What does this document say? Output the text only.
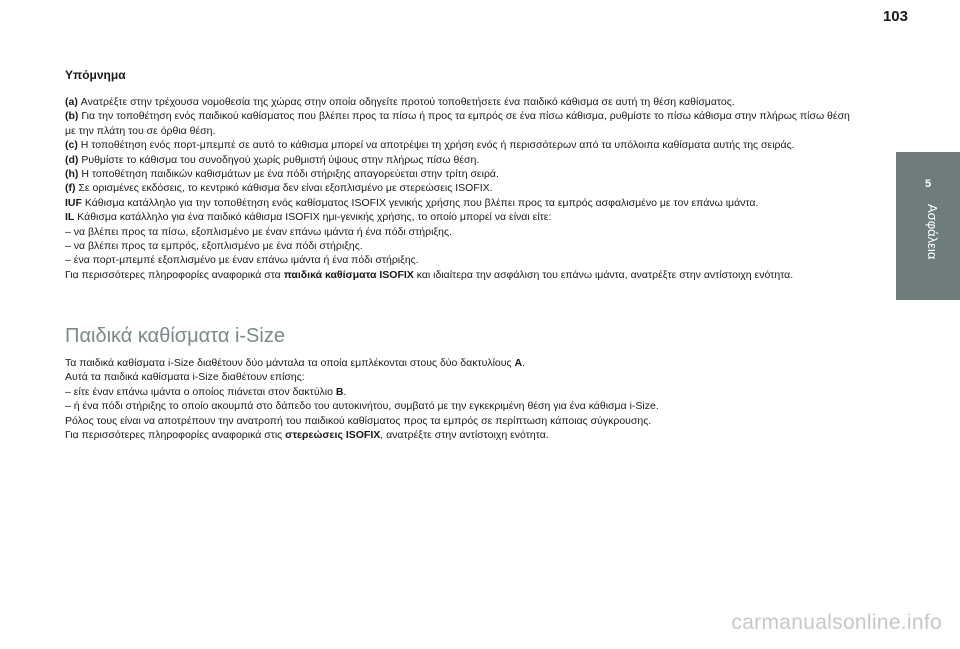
103
5
Ασφάλεια
Υπόμνημα
(a) Ανατρέξτε στην τρέχουσα νομοθεσία της χώρας στην οποία οδηγείτε προτού τοποθετήσετε ένα παιδικό κάθισμα σε αυτή τη θέση καθίσματος.
(b) Για την τοποθέτηση ενός παιδικού καθίσματος που βλέπει προς τα πίσω ή προς τα εμπρός σε ένα πίσω κάθισμα, ρυθμίστε το πίσω κάθισμα στην πλήρως πίσω θέση
με την πλάτη του σε όρθια θέση.
(c) Η τοποθέτηση ενός πορτ-μπεμπέ σε αυτό το κάθισμα μπορεί να αποτρέψει τη χρήση ενός ή περισσότερων από τα υπόλοιπα καθίσματα αυτής της σειράς.
(d) Ρυθμίστε το κάθισμα του συνοδηγού χωρίς ρυθμιστή ύψους στην πλήρως πίσω θέση.
(h) Η τοποθέτηση παιδικών καθισμάτων με ένα πόδι στήριξης απαγορεύεται στην τρίτη σειρά.
(f) Σε ορισμένες εκδόσεις, το κεντρικό κάθισμα δεν είναι εξοπλισμένο με στερεώσεις ISOFIX.
IUF Κάθισμα κατάλληλο για την τοποθέτηση ενός καθίσματος ISOFIX γενικής χρήσης που βλέπει προς τα εμπρός ασφαλισμένο με τον επάνω ιμάντα.
IL Κάθισμα κατάλληλο για ένα παιδικό κάθισμα ISOFIX ημι-γενικής χρήσης, το οποίο μπορεί να είναι είτε:
– να βλέπει προς τα πίσω, εξοπλισμένο με έναν επάνω ιμάντα ή ένα πόδι στήριξης.
– να βλέπει προς τα εμπρός, εξοπλισμένο με ένα πόδι στήριξης.
– ένα πορτ-μπεμπέ εξοπλισμένο με έναν επάνω ιμάντα ή ένα πόδι στήριξης.
Για περισσότερες πληροφορίες αναφορικά στα παιδικά καθίσματα ISOFIX και ιδιαίτερα την ασφάλιση του επάνω ιμάντα, ανατρέξτε στην αντίστοιχη ενότητα.
Παιδικά καθίσματα i-Size
Τα παιδικά καθίσματα i-Size διαθέτουν δύο μάνταλα τα οποία εμπλέκονται στους δύο δακτυλίους A.
Αυτά τα παιδικά καθίσματα i-Size διαθέτουν επίσης:
– είτε έναν επάνω ιμάντα ο οποίος πιάνεται στον δακτύλιο B.
– ή ένα πόδι στήριξης το οποίο ακουμπά στο δάπεδο του αυτοκινήτου, συμβατό με την εγκεκριμένη θέση για ένα κάθισμα i-Size.
Ρόλος τους είναι να αποτρέπουν την ανατροπή του παιδικού καθίσματος προς τα εμπρός σε περίπτωση κάποιας σύγκρουσης.
Για περισσότερες πληροφορίες αναφορικά στις στερεώσεις ISOFIX, ανατρέξτε στην αντίστοιχη ενότητα.
carmanualsonline.info
